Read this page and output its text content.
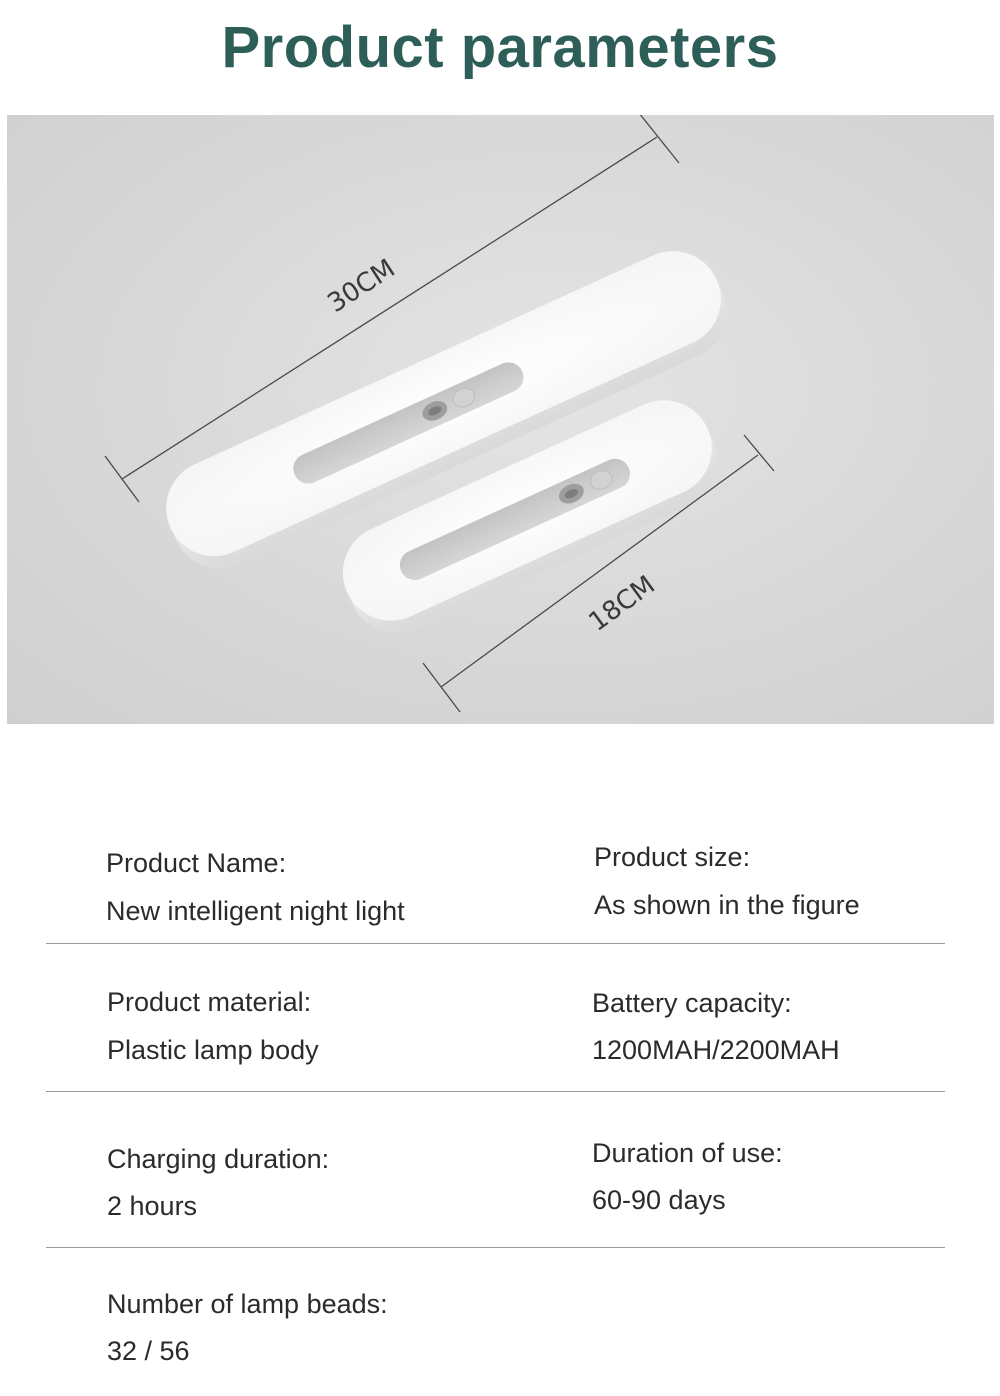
Product parameters
30CM
18CM
Product Name:
New intelligent night light
Product size:
As shown in the figure
Product material:
Plastic lamp body
Battery capacity:
1200MAH/2200MAH
Charging duration:
2 hours
Duration of use:
60-90 days
Number of lamp beads:
32 / 56
